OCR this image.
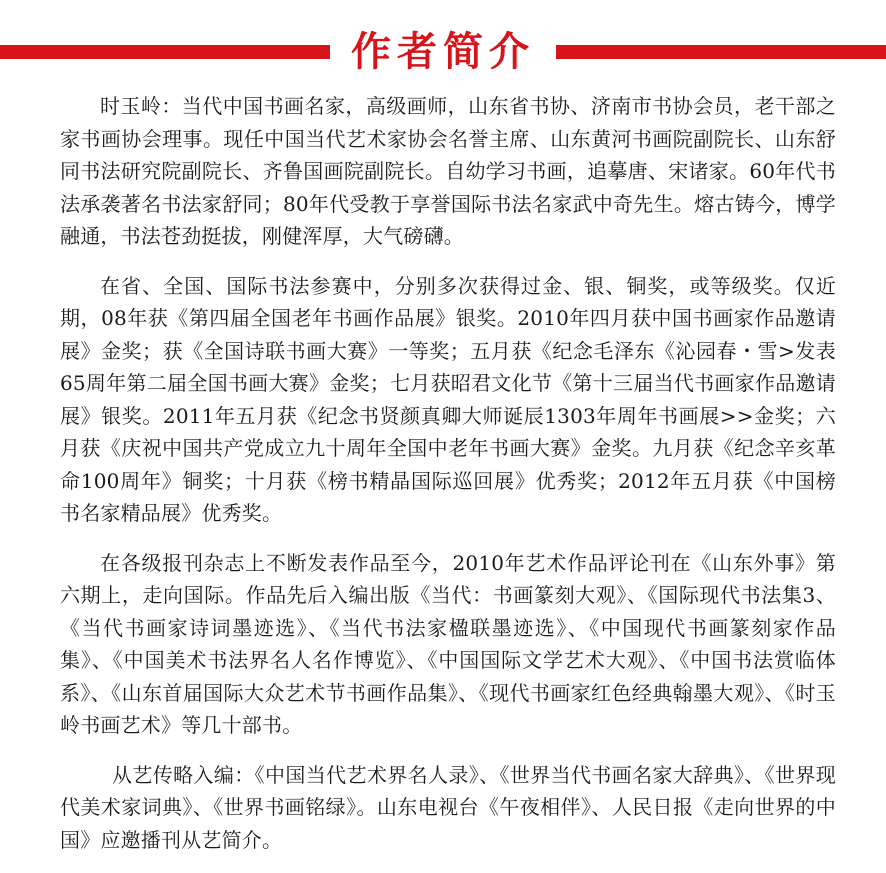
作者简介

时玉岭：当代中国书画名家，高级画师，山东省书协、济南市书协会员，老干部之家书画协会理事。现任中国当代艺术家协会名誉主席、山东黄河书画院副院长、山东舒同书法研究院副院长、齐鲁国画院副院长。自幼学习书画，追摹唐、宋诸家。60年代书法承袭著名书法家舒同；80年代受教于享誉国际书法名家武中奇先生。熔古铸今，博学融通，书法苍劲挺拔，刚健浑厚，大气磅礴。

在省、全国、国际书法参赛中，分别多次获得过金、银、铜奖，或等级奖。仅近期，08年获《第四届全国老年书画作品展》银奖。2010年四月获中国书画家作品邀请展》金奖；获《全国诗联书画大赛》一等奖；五月获《纪念毛泽东《沁园春・雪>发表65周年第二届全国书画大赛》金奖；七月获昭君文化节《第十三届当代书画家作品邀请展》银奖。2011年五月获《纪念书贤颜真卿大师诞辰1303年周年书画展>>金奖；六月获《庆祝中国共产党成立九十周年全国中老年书画大赛》金奖。九月获《纪念辛亥革命100周年》铜奖；十月获《榜书精晶国际巡回展》优秀奖；2012年五月获《中国榜书名家精品展》优秀奖。

在各级报刊杂志上不断发表作品至今，2010年艺术作品评论刊在《山东外事》第六期上，走向国际。作品先后入编出版《当代：书画篆刻大观》、《国际现代书法集3、《当代书画家诗词墨迹选》、《当代书法家楹联墨迹选》、《中国现代书画篆刻家作品集》、《中国美术书法界名人名作博览》、《中国国际文学艺术大观》、《中国书法赏临体系》、《山东首届国际大众艺术节书画作品集》、《现代书画家红色经典翰墨大观》、《时玉岭书画艺术》等几十部书。

从艺传略入编：《中国当代艺术界名人录》、《世界当代书画名家大辞典》、《世界现代美术家词典》、《世界书画铭绿》。山东电视台《午夜相伴》、人民日报《走向世界的中国》应邀播刊从艺简介。
